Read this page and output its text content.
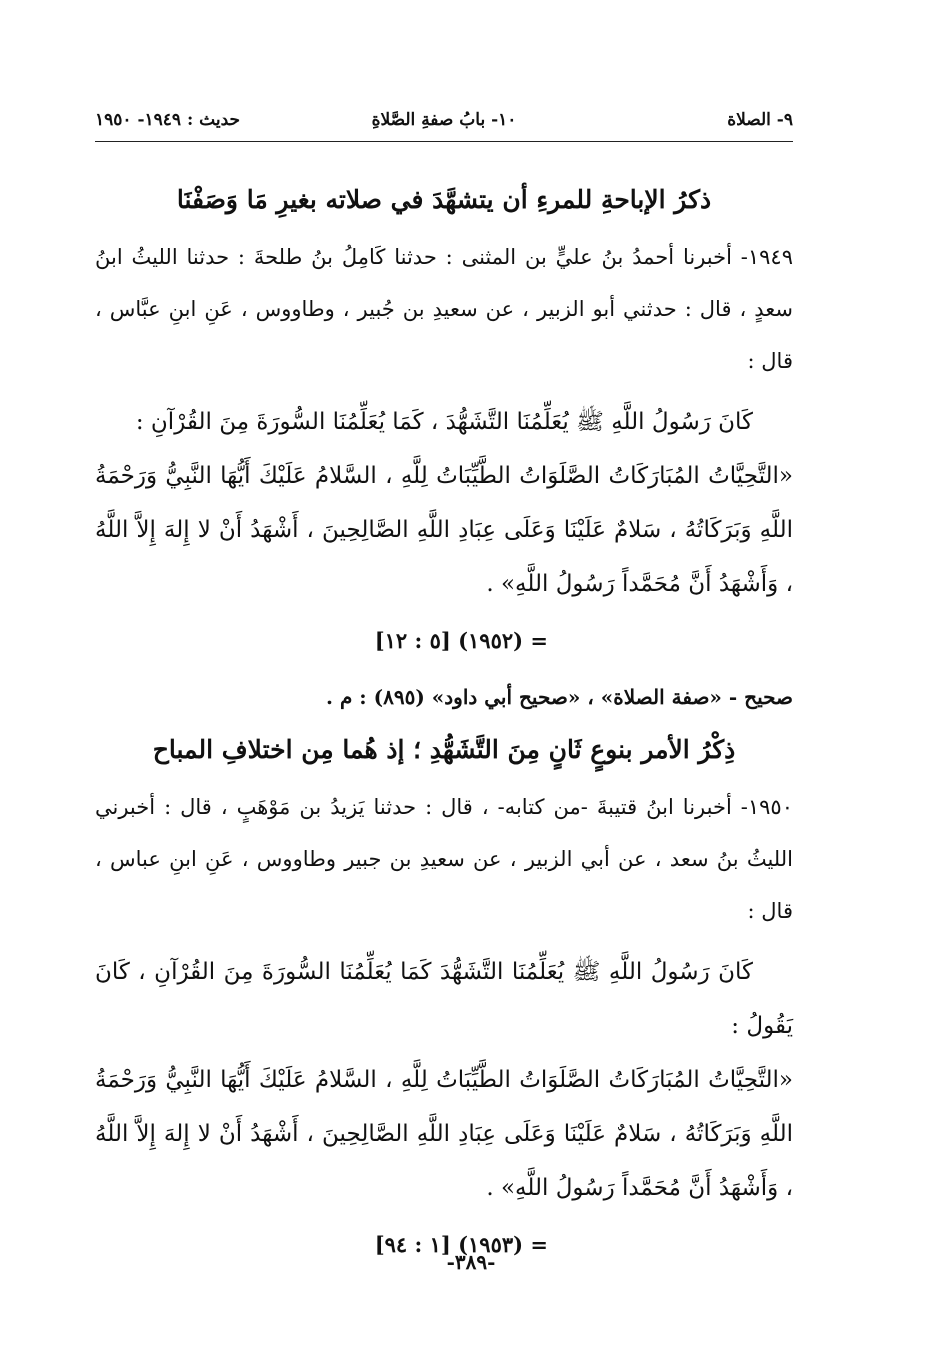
٩- الصلاة
١٠- بابُ صفةِ الصَّلاةِ
حديث : ١٩٤٩- ١٩٥٠
ذكرُ الإباحةِ للمرءِ أن يتشهَّدَ في صلاته بغيرِ مَا وَصَفْنَا

١٩٤٩- أخبرنا أحمدُ بنُ عليٍّ بن المثنى : حدثنا كَامِلُ بنُ طلحةَ : حدثنا الليثُ ابنُ سعدٍ ، قال : حدثني أبو الزبير ، عن سعيدِ بن جُبير ، وطاووس ، عَنِ ابنِ عبَّاس ، قال :

كَانَ رَسُولُ اللَّهِ ﷺ يُعَلِّمُنَا التَّشَهُّدَ ، كَمَا يُعَلِّمُنَا السُّورَةَ مِنَ القُرْآنِ :

«التَّحِيَّاتُ المُبَارَكَاتُ الصَّلَوَاتُ الطَّيِّبَاتُ لِلَّهِ ، السَّلامُ عَلَيْكَ أَيُّهَا النَّبِيُّ وَرَحْمَةُ اللَّهِ وَبَرَكَاتُهُ ، سَلامٌ عَلَيْنَا وَعَلَى عِبَادِ اللَّهِ الصَّالِحِينَ ، أَشْهَدُ أَنْ لا إِلهَ إِلاَّ اللَّهُ ، وَأَشْهَدُ أَنَّ مُحَمَّداً رَسُولُ اللَّهِ» .

= (١٩٥٢) [٥ : ١٢]

صحيح - «صفة الصلاة» ، «صحيح أبي داود» (٨٩٥) : م .

ذِكْرُ الأمر بنوعٍ ثَانٍ مِنَ التَّشَهُّدِ ؛ إذ هُما مِن اختلافِ المباح

١٩٥٠- أخبرنا ابنُ قتيبةَ -من كتابه- ، قال : حدثنا يَزيدُ بن مَوْهَبٍ ، قال : أخبرني الليثُ بنُ سعد ، عن أبي الزبير ، عن سعيدِ بن جبير وطاووس ، عَنِ ابنِ عباس ، قال :

كَانَ رَسُولُ اللَّهِ ﷺ يُعَلِّمُنَا التَّشَهُّدَ كَمَا يُعَلِّمُنَا السُّورَةَ مِنَ القُرْآنِ ، كَانَ يَقُولُ :

«التَّحِيَّاتُ المُبَارَكَاتُ الصَّلَوَاتُ الطَّيِّبَاتُ لِلَّهِ ، السَّلامُ عَلَيْكَ أَيُّهَا النَّبِيُّ وَرَحْمَةُ اللَّهِ وَبَرَكَاتُهُ ، سَلامٌ عَلَيْنَا وَعَلَى عِبَادِ اللَّهِ الصَّالِحِينَ ، أَشْهَدُ أَنْ لا إِلهَ إِلاَّ اللَّهُ ، وَأَشْهَدُ أَنَّ مُحَمَّداً رَسُولُ اللَّهِ» .

= (١٩٥٣) [١ : ٩٤]

-٣٨٩-
